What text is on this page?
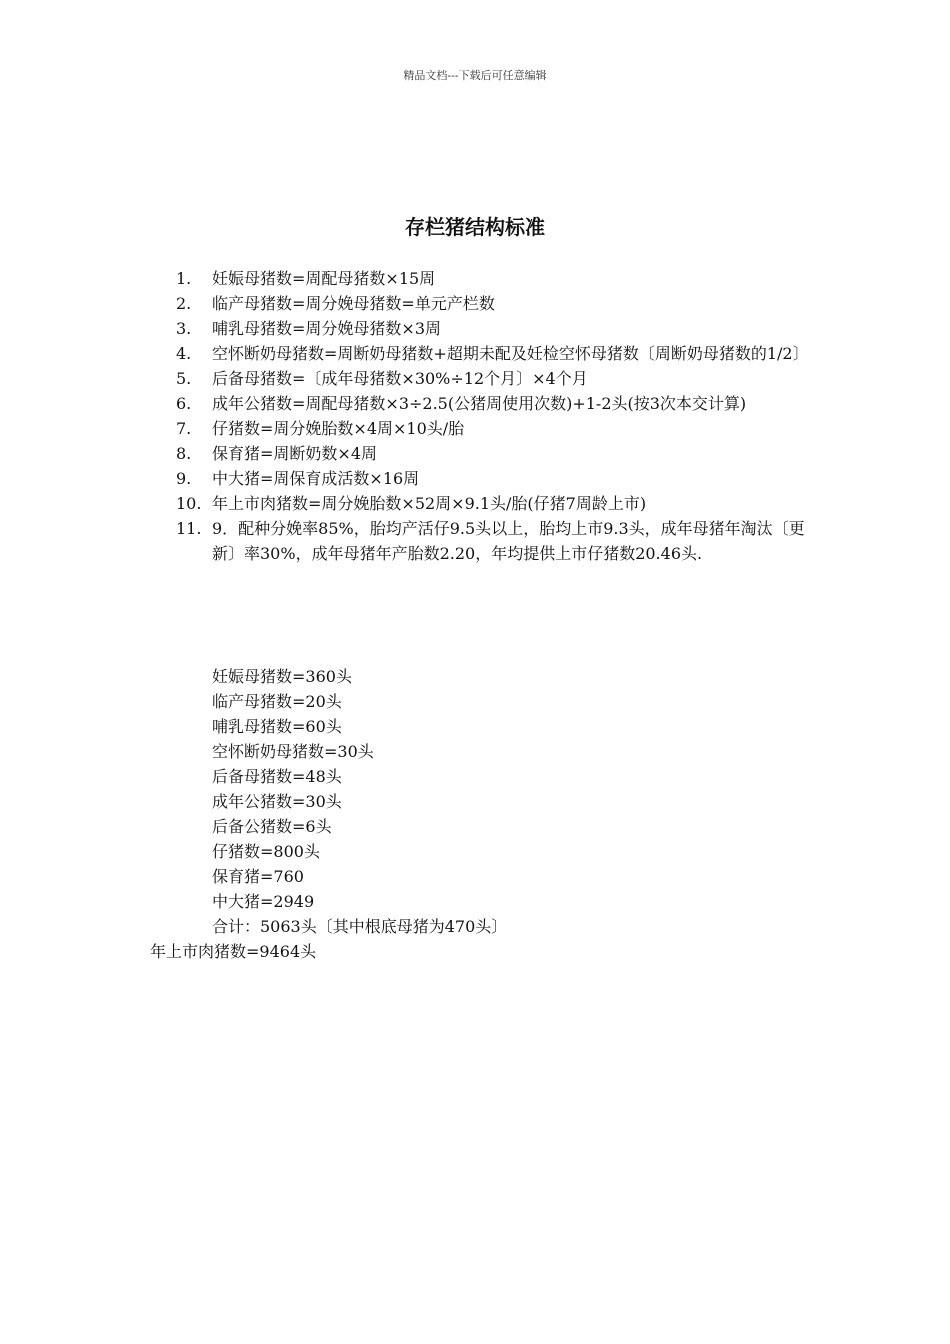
精品文档---下载后可任意编辑
存栏猪结构标准
1.	妊娠母猪数=周配母猪数×15周
2.	临产母猪数=周分娩母猪数=单元产栏数
3.	哺乳母猪数=周分娩母猪数×3周
4.	空怀断奶母猪数=周断奶母猪数+超期未配及妊检空怀母猪数〔周断奶母猪数的1/2〕
5.	后备母猪数=〔成年母猪数×30%÷12个月〕×4个月
6.	成年公猪数=周配母猪数×3÷2.5(公猪周使用次数)+1-2头(按3次本交计算)
7.	仔猪数=周分娩胎数×4周×10头/胎
8.	保育猪=周断奶数×4周
9.	中大猪=周保育成活数×16周
10. 年上市肉猪数=周分娩胎数×52周×9.1头/胎(仔猪7周龄上市)
11. 9．配种分娩率85%，胎均产活仔9.5头以上，胎均上市9.3头，成年母猪年淘汰〔更新〕率30%，成年母猪年产胎数2.20，年均提供上市仔猪数20.46头.
妊娠母猪数=360头
临产母猪数=20头
哺乳母猪数=60头
空怀断奶母猪数=30头
后备母猪数=48头
成年公猪数=30头
后备公猪数=6头
仔猪数=800头
保育猪=760
中大猪=2949
合计：5063头〔其中根底母猪为470头〕
年上市肉猪数=9464头
